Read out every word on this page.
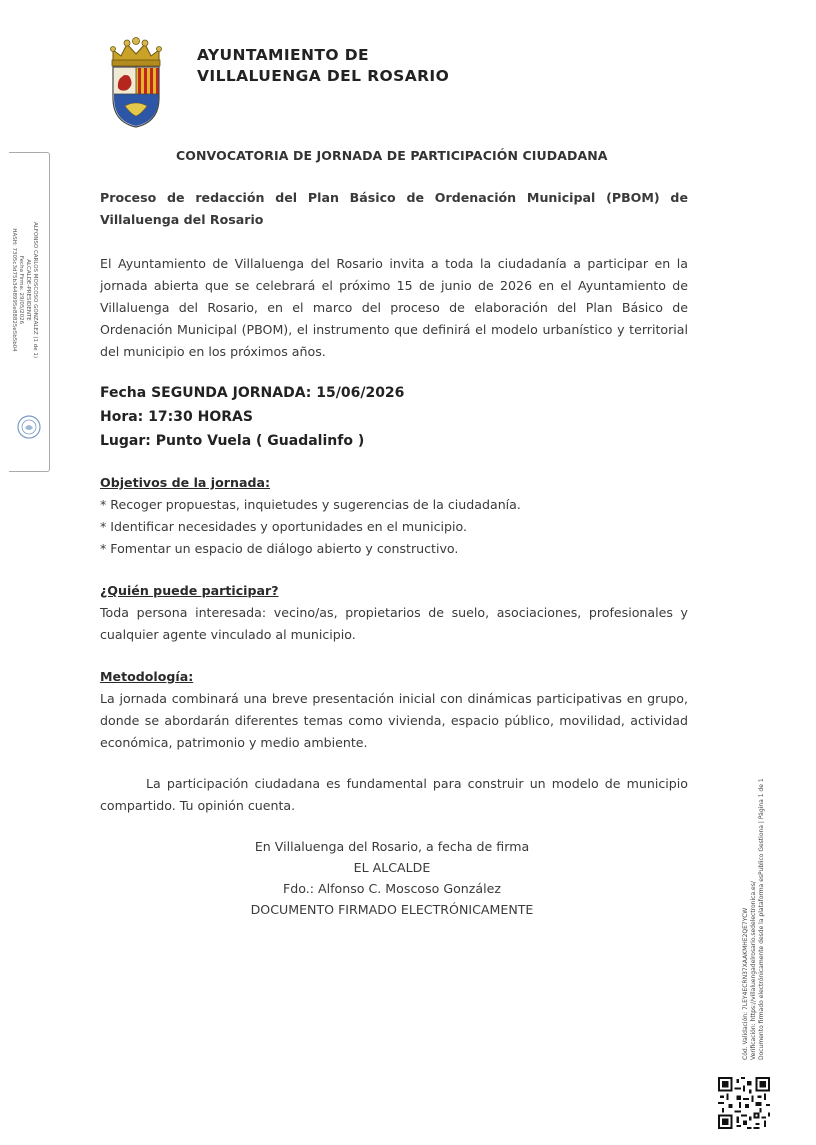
AYUNTAMIENTO DE
VILLALUENGA DEL ROSARIO
CONVOCATORIA DE JORNADA DE PARTICIPACIÓN CIUDADANA
Proceso de redacción del Plan Básico de Ordenación Municipal (PBOM) de Villaluenga del Rosario
El Ayuntamiento de Villaluenga del Rosario invita a toda la ciudadanía a participar en la jornada abierta que se celebrará el próximo 15 de junio de 2026 en el Ayuntamiento de Villaluenga del Rosario, en el marco del proceso de elaboración del Plan Básico de Ordenación Municipal (PBOM), el instrumento que definirá el modelo urbanístico y territorial del municipio en los próximos años.
Fecha SEGUNDA JORNADA: 15/06/2026
Hora: 17:30 HORAS
Lugar: Punto Vuela ( Guadalinfo )
Objetivos de la jornada:
* Recoger propuestas, inquietudes y sugerencias de la ciudadanía.
* Identificar necesidades y oportunidades en el municipio.
* Fomentar un espacio de diálogo abierto y constructivo.
¿Quién puede participar?
Toda persona interesada: vecino/as, propietarios de suelo, asociaciones, profesionales y cualquier agente vinculado al municipio.
Metodología:
La jornada combinará una breve presentación inicial con dinámicas participativas en grupo, donde se abordarán diferentes temas como vivienda, espacio público, movilidad, actividad económica, patrimonio y medio ambiente.
La participación ciudadana es fundamental para construir un modelo de municipio compartido. Tu opinión cuenta.
En Villaluenga del Rosario, a fecha de firma
EL ALCALDE
Fdo.: Alfonso C. Moscoso González
DOCUMENTO FIRMADO ELECTRÓNICAMENTE
ALFONSO CARLOS MOSCOSO GONZALEZ (1 de 1)
ALCALDE-PRESIDENTE
Fecha Firma: 29/05/2026
HASH: 7305c3d75b3448995e88825e5b5b04
Cód. Validación: 7LEY4ECRN37XAAKMHE2QE7YCW Verificación: https://villaluengadelrosario.sedelectronica.es/ Documento firmado electrónicamente desde la plataforma esPublico Gestiona | Página 1 de 1
